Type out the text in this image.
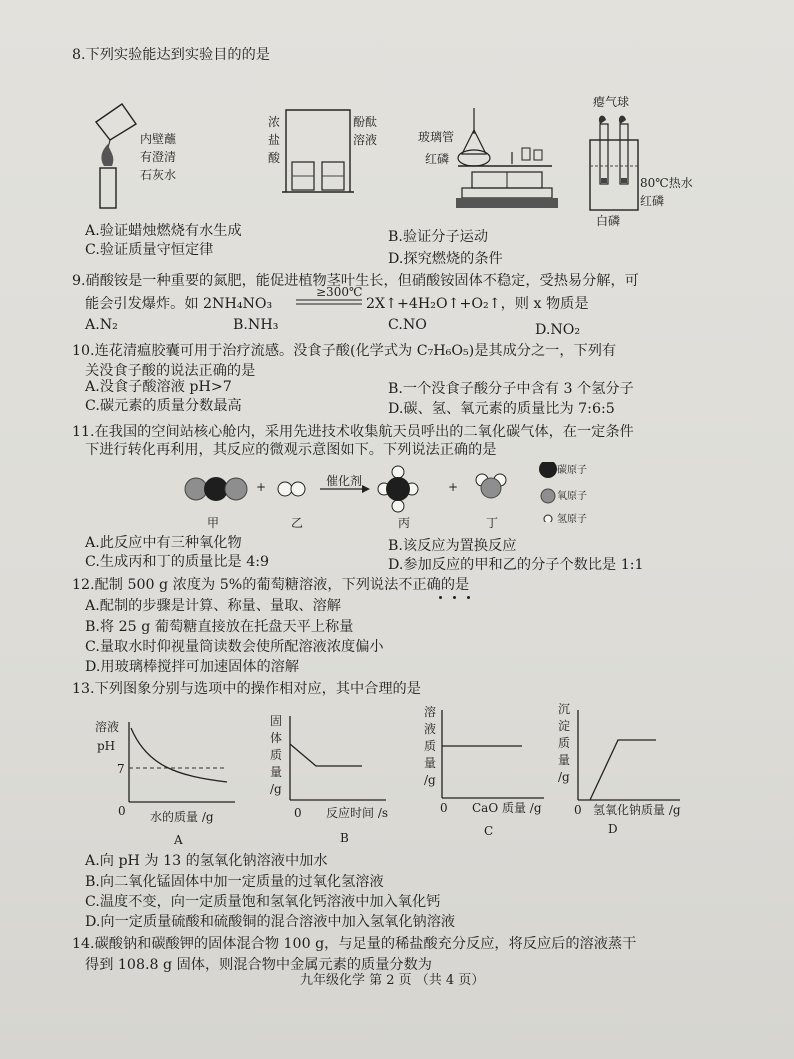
8.下列实验能达到实验目的的是
内壁蘸
有澄清
石灰水
浓
盐
酸
酚酞
溶液	玻璃管
红磷
瘪气球
80℃热水
红磷
白磷
A.验证蜡烛燃烧有水生成	B.验证分子运动
C.验证质量守恒定律
D.探究燃烧的条件
9.硝酸铵是一种重要的氮肥，能促进植物茎叶生长，但硝酸铵固体不稳定，受热易分解，可
能会引发爆炸。如 2NH₄NO₃
≥300℃
2X↑+4H₂O↑+O₂↑，则 x 物质是
A.N₂	B.NH₃	C.NO	D.NO₂
10.连花清瘟胶囊可用于治疗流感。没食子酸(化学式为 C₇H₆O₅)是其成分之一，下列有
关没食子酸的说法正确的是
A.没食子酸溶液 pH>7	B.一个没食子酸分子中含有 3 个氢分子
C.碳元素的质量分数最高	D.碳、氢、氧元素的质量比为 7:6:5
11.在我国的空间站核心舱内，采用先进技术收集航天员呼出的二氧化碳气体，在一定条件
下进行转化再利用，其反应的微观示意图如下。下列说法正确的是
+	+
催化剂
碳原子
氧原子
氢原子
甲	乙	丙	丁
A.此反应中有三种氧化物	B.该反应为置换反应
C.生成丙和丁的质量比是 4:9	D.参加反应的甲和乙的分子个数比是 1:1
12.配制 500 g 浓度为 5%的葡萄糖溶液，下列说法不正确的是
A.配制的步骤是计算、称量、量取、溶解
B.将 25 g 葡萄糖直接放在托盘天平上称量
C.量取水时仰视量筒读数会使所配溶液浓度偏小
D.用玻璃棒搅拌可加速固体的溶解
13.下列图象分别与选项中的操作相对应，其中合理的是
溶液
pH
7
0 水的质量 /g
A
固
体
质
量
/g
0 反应时间 /s
B
溶
液
质
量
/g
0 CaO 质量 /g
C
沉
淀
质
量
/g
0 氢氧化钠质量 /g
D
A.向 pH 为 13 的氢氧化钠溶液中加水
B.向二氧化锰固体中加一定质量的过氧化氢溶液
C.温度不变，向一定质量饱和氢氧化钙溶液中加入氧化钙
D.向一定质量硫酸和硫酸铜的混合溶液中加入氢氧化钠溶液
14.碳酸钠和碳酸钾的固体混合物 100 g，与足量的稀盐酸充分反应，将反应后的溶液蒸干
得到 108.8 g 固体，则混合物中金属元素的质量分数为
九年级化学 第 2 页 （共 4 页）
